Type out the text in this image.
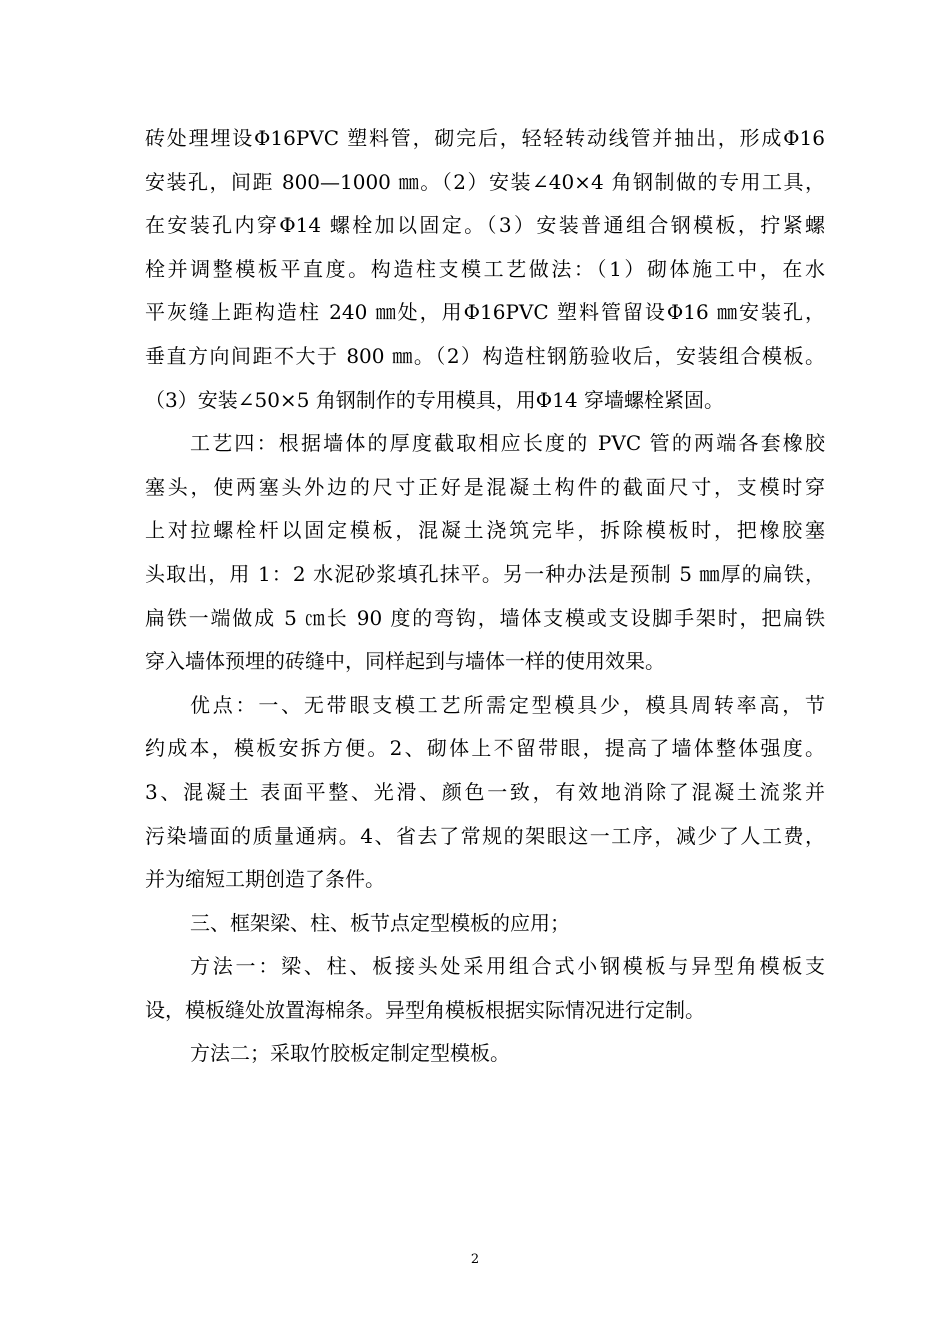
砖处理埋设Φ16PVC 塑料管，砌完后，轻轻转动线管并抽出，形成Φ16
安装孔，间距 800—1000 ㎜。（2）安装∠40×4 角钢制做的专用工具，
在安装孔内穿Φ14 螺栓加以固定。（3）安装普通组合钢模板，拧紧螺
栓并调整模板平直度。构造柱支模工艺做法：（1）砌体施工中，在水
平灰缝上距构造柱 240 ㎜处，用Φ16PVC 塑料管留设Φ16 ㎜安装孔，
垂直方向间距不大于 800 ㎜。（2）构造柱钢筋验收后，安装组合模板。
（3）安装∠50×5 角钢制作的专用模具，用Φ14 穿墙螺栓紧固。
工艺四：根据墙体的厚度截取相应长度的 PVC 管的两端各套橡胶
塞头，使两塞头外边的尺寸正好是混凝土构件的截面尺寸，支模时穿
上对拉螺栓杆以固定模板，混凝土浇筑完毕，拆除模板时，把橡胶塞
头取出，用 1：2 水泥砂浆填孔抹平。另一种办法是预制 5 ㎜厚的扁铁，
扁铁一端做成 5 ㎝长 90 度的弯钩，墙体支模或支设脚手架时，把扁铁
穿入墙体预埋的砖缝中，同样起到与墙体一样的使用效果。
优点：一、无带眼支模工艺所需定型模具少，模具周转率高，节
约成本，模板安拆方便。2、砌体上不留带眼，提高了墙体整体强度。
3、混凝土 表面平整、光滑、颜色一致，有效地消除了混凝土流浆并
污染墙面的质量通病。4、省去了常规的架眼这一工序，减少了人工费，
并为缩短工期创造了条件。
三、框架梁、柱、板节点定型模板的应用；
方法一：梁、柱、板接头处采用组合式小钢模板与异型角模板支
设，模板缝处放置海棉条。异型角模板根据实际情况进行定制。
方法二；采取竹胶板定制定型模板。
2
